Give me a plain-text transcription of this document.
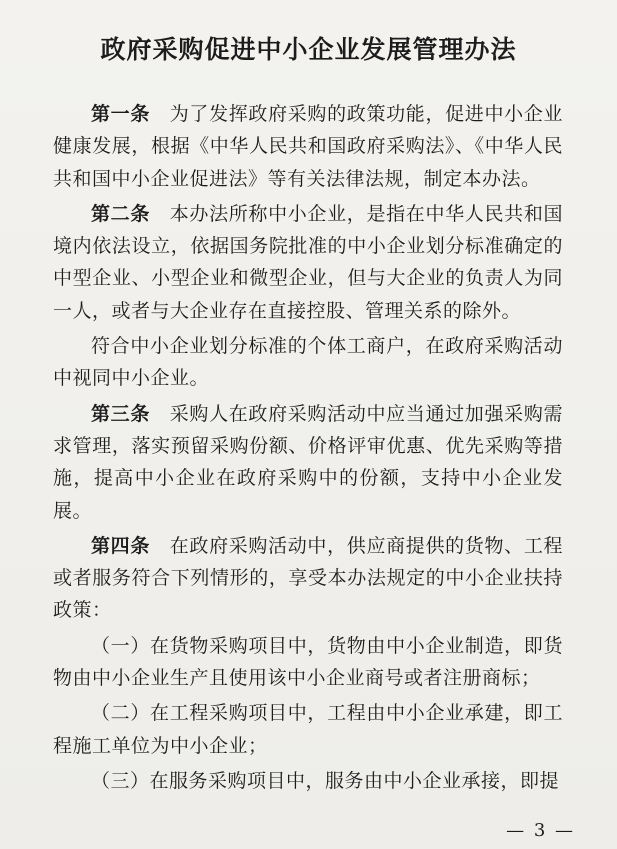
政府采购促进中小企业发展管理办法

第一条　 为了发挥政府采购的政策功能，促进中小企业健康发展，根据《中华人民共和国政府采购法》、《中华人民共和国中小企业促进法》等有关法律法规，制定本办法。

第二条　 本办法所称中小企业，是指在中华人民共和国境内依法设立，依据国务院批准的中小企业划分标准确定的中型企业、小型企业和微型企业，但与大企业的负责人为同一人，或者与大企业存在直接控股、管理关系的除外。

符合中小企业划分标准的个体工商户，在政府采购活动中视同中小企业。

第三条　 采购人在政府采购活动中应当通过加强采购需求管理，落实预留采购份额、价格评审优惠、优先采购等措施，提高中小企业在政府采购中的份额，支持中小企业发展。

第四条　 在政府采购活动中，供应商提供的货物、工程或者服务符合下列情形的，享受本办法规定的中小企业扶持政策：

（一）在货物采购项目中，货物由中小企业制造，即货物由中小企业生产且使用该中小企业商号或者注册商标；

（二）在工程采购项目中，工程由中小企业承建，即工程施工单位为中小企业；

（三）在服务采购项目中，服务由中小企业承接，即提

— 3 —
